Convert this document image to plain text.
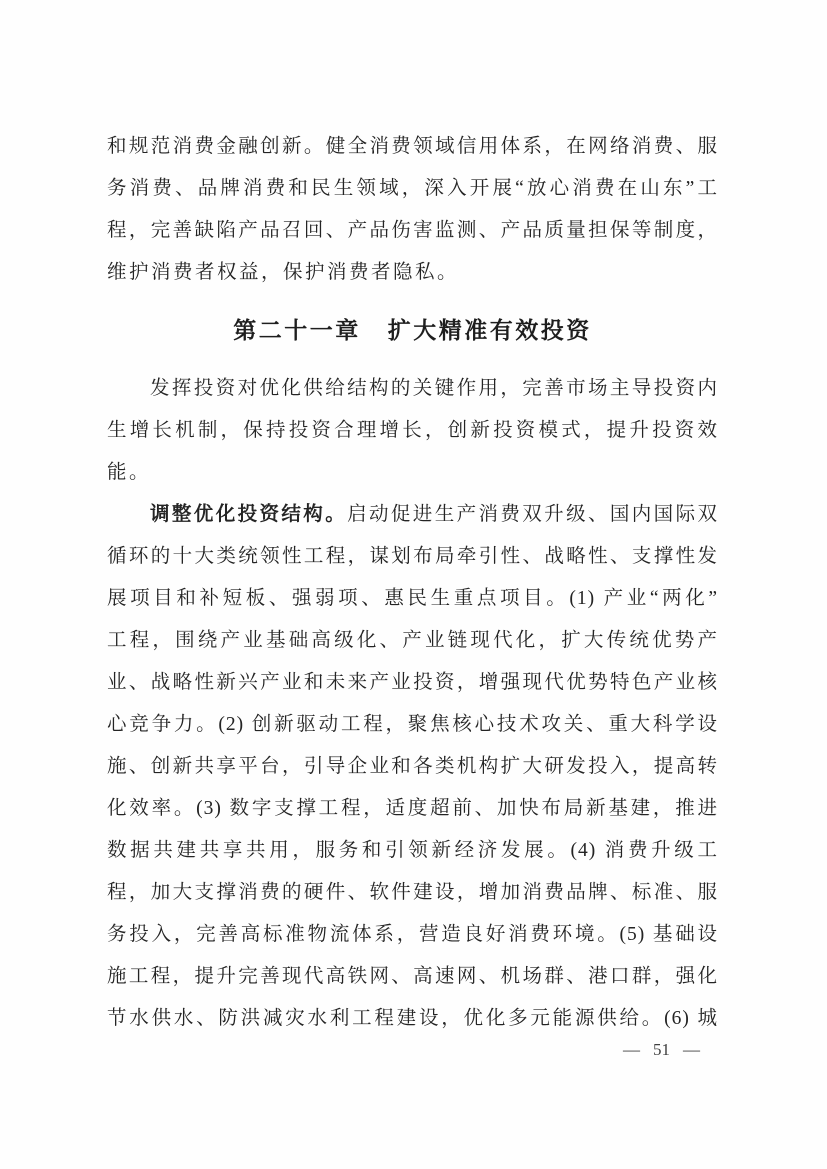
和规范消费金融创新。健全消费领域信用体系，在网络消费、服
务消费、品牌消费和民生领域，深入开展“放心消费在山东”工
程，完善缺陷产品召回、产品伤害监测、产品质量担保等制度，
维护消费者权益，保护消费者隐私。
第二十一章 扩大精准有效投资
发挥投资对优化供给结构的关键作用，完善市场主导投资内
生增长机制，保持投资合理增长，创新投资模式，提升投资效
能。
调整优化投资结构。启动促进生产消费双升级、国内国际双
循环的十大类统领性工程，谋划布局牵引性、战略性、支撑性发
展项目和补短板、强弱项、惠民生重点项目。(1) 产业“两化”
工程，围绕产业基础高级化、产业链现代化，扩大传统优势产
业、战略性新兴产业和未来产业投资，增强现代优势特色产业核
心竞争力。(2) 创新驱动工程，聚焦核心技术攻关、重大科学设
施、创新共享平台，引导企业和各类机构扩大研发投入，提高转
化效率。(3) 数字支撑工程，适度超前、加快布局新基建，推进
数据共建共享共用，服务和引领新经济发展。(4) 消费升级工
程，加大支撑消费的硬件、软件建设，增加消费品牌、标准、服
务投入，完善高标准物流体系，营造良好消费环境。(5) 基础设
施工程，提升完善现代高铁网、高速网、机场群、港口群，强化
节水供水、防洪减灾水利工程建设，优化多元能源供给。(6) 城
— 51 —
